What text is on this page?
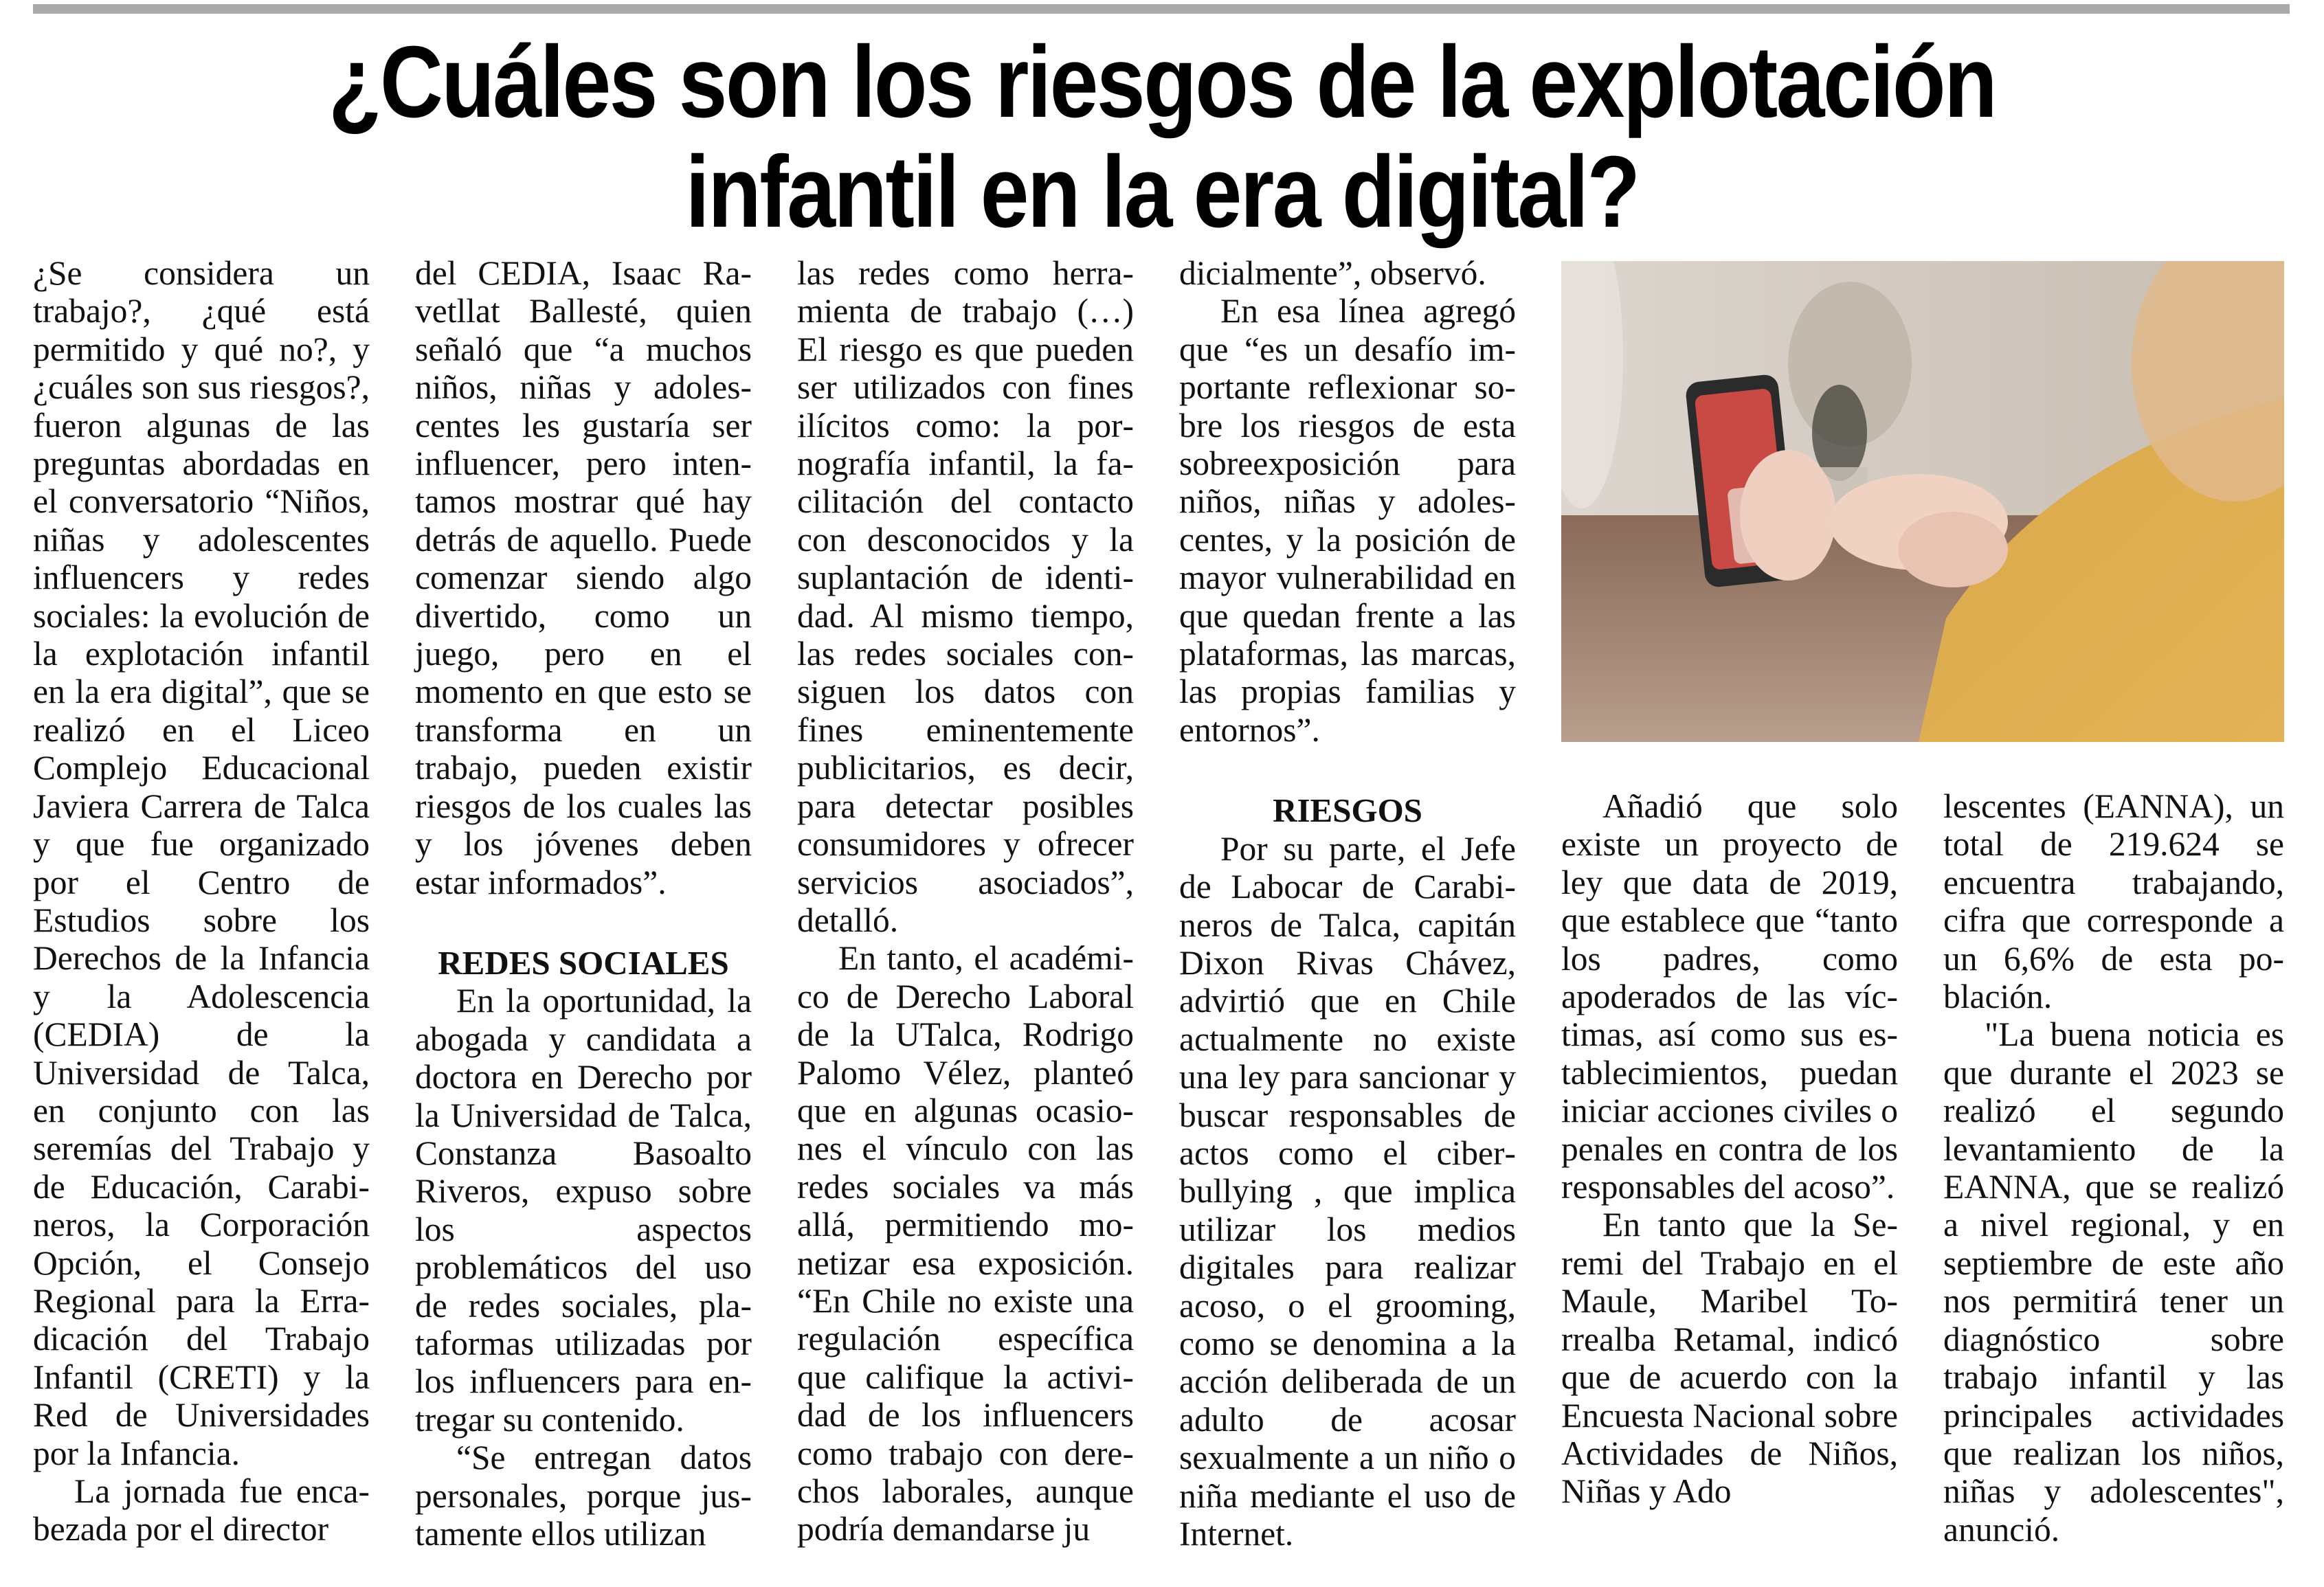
¿Cuáles son los riesgos de la explotación
infantil en la era digital?

¿Se considera un trabajo?, ¿qué está permitido y qué no?, y ¿cuáles son sus riesgos?, fueron algunas de las preguntas abordadas en el conversatorio “Niños, niñas y adolescentes influencers y redes sociales: la evolución de la explotación infantil en la era digital”, que se realizó en el Liceo Complejo Educacional Javiera Carrera de Talca y que fue organizado por el Centro de Estudios sobre los Derechos de la Infancia y la Adolescencia (CEDIA) de la Universidad de Talca, en conjunto con las seremías del Trabajo y de Educación, Carabineros, la Corporación Opción, el Consejo Regional para la Erradicación del Trabajo Infantil (CRETI) y la Red de Universidades por la Infancia.

La jornada fue encabezada por el director

del CEDIA, Isaac Ravetllat Ballesté, quien señaló que “a muchos niños, niñas y adolescentes les gustaría ser influencer, pero intentamos mostrar qué hay detrás de aquello. Puede comenzar siendo algo divertido, como un juego, pero en el momento en que esto se transforma en un trabajo, pueden existir riesgos de los cuales las y los jóvenes deben estar informados”.

REDES SOCIALES

En la oportunidad, la abogada y candidata a doctora en Derecho por la Universidad de Talca, Constanza Basoalto Riveros, expuso sobre los aspectos problemáticos del uso de redes sociales, plataformas utilizadas por los influencers para entregar su contenido.

“Se entregan datos personales, porque justamente ellos utilizan

las redes como herramienta de trabajo (…) El riesgo es que pueden ser utilizados con fines ilícitos como: la pornografía infantil, la facilitación del contacto con desconocidos y la suplantación de identidad. Al mismo tiempo, las redes sociales consiguen los datos con fines eminentemente publicitarios, es decir, para detectar posibles consumidores y ofrecer servicios asociados”, detalló.

En tanto, el académico de Derecho Laboral de la UTalca, Rodrigo Palomo Vélez, planteó que en algunas ocasiones el vínculo con las redes sociales va más allá, permitiendo monetizar esa exposición. “En Chile no existe una regulación específica que califique la actividad de los influencers como trabajo con derechos laborales, aunque podría demandarse ju

dicialmente”, observó.

En esa línea agregó que “es un desafío importante reflexionar sobre los riesgos de esta sobreexposición para niños, niñas y adolescentes, y la posición de mayor vulnerabilidad en que quedan frente a las plataformas, las marcas, las propias familias y entornos”.

RIESGOS

Por su parte, el Jefe de Labocar de Carabineros de Talca, capitán Dixon Rivas Chávez, advirtió que en Chile actualmente no existe una ley para sancionar y buscar responsables de actos como el ciberbullying , que implica utilizar los medios digitales para realizar acoso, o el grooming, como se denomina a la acción deliberada de un adulto de acosar sexualmente a un niño o niña mediante el uso de Internet.

Añadió que solo existe un proyecto de ley que data de 2019, que establece que “tanto los padres, como apoderados de las víctimas, así como sus establecimientos, puedan iniciar acciones civiles o penales en contra de los responsables del acoso”.

En tanto que la Seremi del Trabajo en el Maule, Maribel Torrealba Retamal, indicó que de acuerdo con la Encuesta Nacional sobre Actividades de Niños, Niñas y Ado

lescentes (EANNA), un total de 219.624 se encuentra trabajando, cifra que corresponde a un 6,6% de esta población.

"La buena noticia es que durante el 2023 se realizó el segundo levantamiento de la EANNA, que se realizó a nivel regional, y en septiembre de este año nos permitirá tener un diagnóstico sobre trabajo infantil y las principales actividades que realizan los niños, niñas y adolescentes", anunció.
